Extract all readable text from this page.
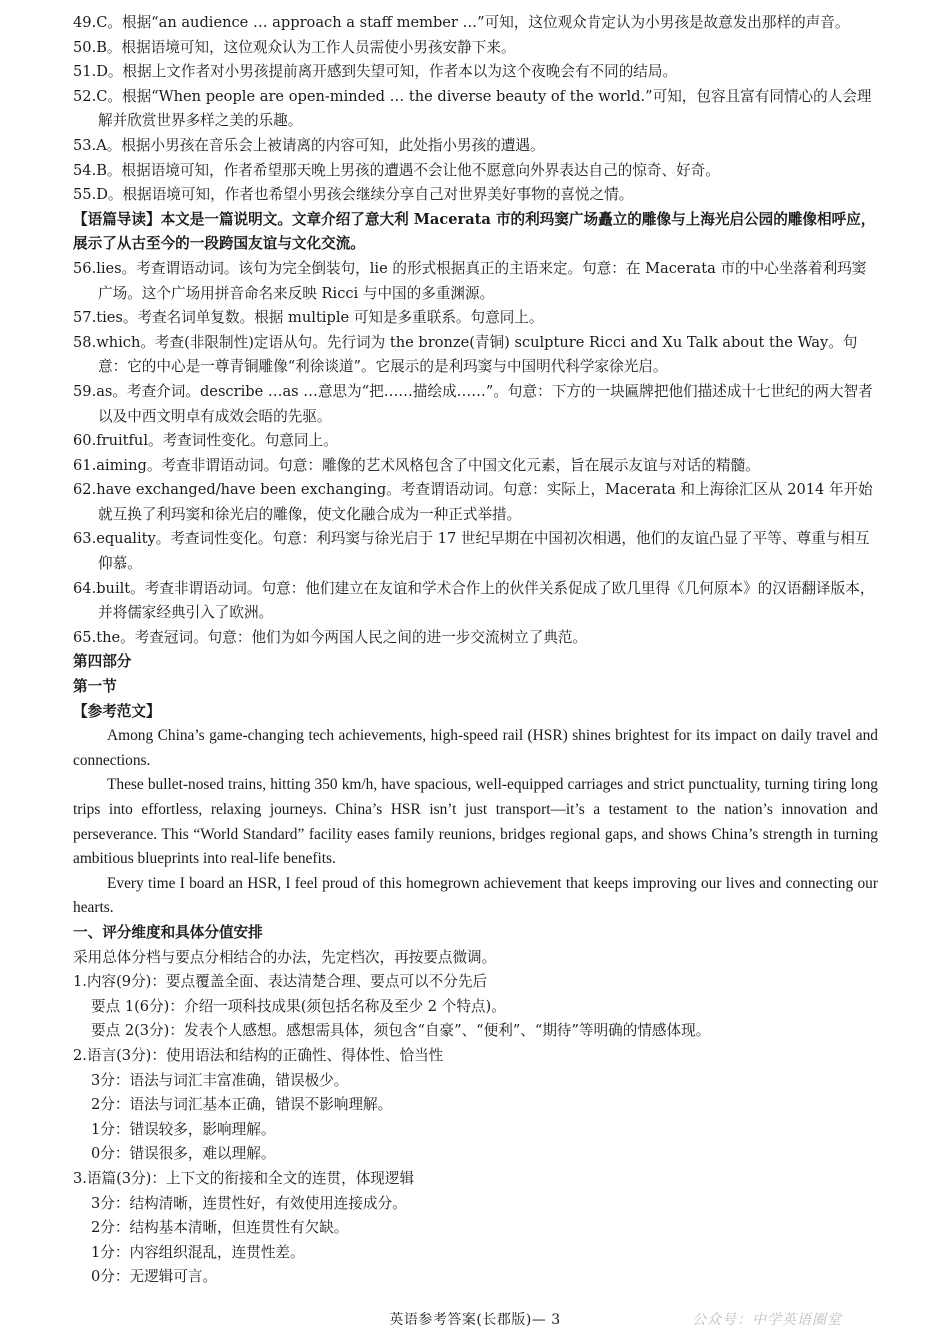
49.C。根据“an audience … approach a staff member …”可知，这位观众肯定认为小男孩是故意发出那样的声音。

50.B。根据语境可知，这位观众认为工作人员需使小男孩安静下来。

51.D。根据上文作者对小男孩提前离开感到失望可知，作者本以为这个夜晚会有不同的结局。

52.C。根据“When people are open-minded … the diverse beauty of the world.”可知，包容且富有同情心的人会理解并欣赏世界多样之美的乐趣。

53.A。根据小男孩在音乐会上被请离的内容可知，此处指小男孩的遭遇。

54.B。根据语境可知，作者希望那天晚上男孩的遭遇不会让他不愿意向外界表达自己的惊奇、好奇。

55.D。根据语境可知，作者也希望小男孩会继续分享自己对世界美好事物的喜悦之情。

【语篇导读】本文是一篇说明文。文章介绍了意大利 Macerata 市的利玛窦广场矗立的雕像与上海光启公园的雕像相呼应，展示了从古至今的一段跨国友谊与文化交流。

56.lies。考查谓语动词。该句为完全倒装句，lie 的形式根据真正的主语来定。句意：在 Macerata 市的中心坐落着利玛窦广场。这个广场用拼音命名来反映 Ricci 与中国的多重渊源。

57.ties。考查名词单复数。根据 multiple 可知是多重联系。句意同上。

58.which。考查(非限制性)定语从句。先行词为 the bronze(青铜) sculpture Ricci and Xu Talk about the Way。句意：它的中心是一尊青铜雕像“利徐谈道”。它展示的是利玛窦与中国明代科学家徐光启。

59.as。考查介词。describe …as …意思为“把……描绘成……”。句意：下方的一块匾牌把他们描述成十七世纪的两大智者以及中西文明卓有成效会晤的先驱。

60.fruitful。考查词性变化。句意同上。

61.aiming。考查非谓语动词。句意：雕像的艺术风格包含了中国文化元素，旨在展示友谊与对话的精髓。

62.have exchanged/have been exchanging。考查谓语动词。句意：实际上，Macerata 和上海徐汇区从 2014 年开始就互换了利玛窦和徐光启的雕像，使文化融合成为一种正式举措。

63.equality。考查词性变化。句意：利玛窦与徐光启于 17 世纪早期在中国初次相遇，他们的友谊凸显了平等、尊重与相互仰慕。

64.built。考查非谓语动词。句意：他们建立在友谊和学术合作上的伙伴关系促成了欧几里得《几何原本》的汉语翻译版本，并将儒家经典引入了欧洲。

65.the。考查冠词。句意：他们为如今两国人民之间的进一步交流树立了典范。

第四部分

第一节

【参考范文】

Among China’s game-changing tech achievements, high-speed rail (HSR) shines brightest for its impact on daily travel and connections.

These bullet-nosed trains, hitting 350 km/h, have spacious, well-equipped carriages and strict punctuality, turning tiring long trips into effortless, relaxing journeys. China’s HSR isn’t just transport—it’s a testament to the nation’s innovation and perseverance. This “World Standard” facility eases family reunions, bridges regional gaps, and shows China’s strength in turning ambitious blueprints into real-life benefits.

Every time I board an HSR, I feel proud of this homegrown achievement that keeps improving our lives and connecting our hearts.

一、评分维度和具体分值安排

采用总体分档与要点分相结合的办法，先定档次，再按要点微调。

1.内容(9分)：要点覆盖全面、表达清楚合理、要点可以不分先后

要点 1(6分)：介绍一项科技成果(须包括名称及至少 2 个特点)。

要点 2(3分)：发表个人感想。感想需具体，须包含“自豪”、“便利”、“期待”等明确的情感体现。

2.语言(3分)：使用语法和结构的正确性、得体性、恰当性

3分：语法与词汇丰富准确，错误极少。

2分：语法与词汇基本正确，错误不影响理解。

1分：错误较多，影响理解。

0分：错误很多，难以理解。

3.语篇(3分)：上下文的衔接和全文的连贯，体现逻辑

3分：结构清晰，连贯性好，有效使用连接成分。

2分：结构基本清晰，但连贯性有欠缺。

1分：内容组织混乱，连贯性差。

0分：无逻辑可言。

英语参考答案(长郡版)— 3	公众号：中学英语圈堂
